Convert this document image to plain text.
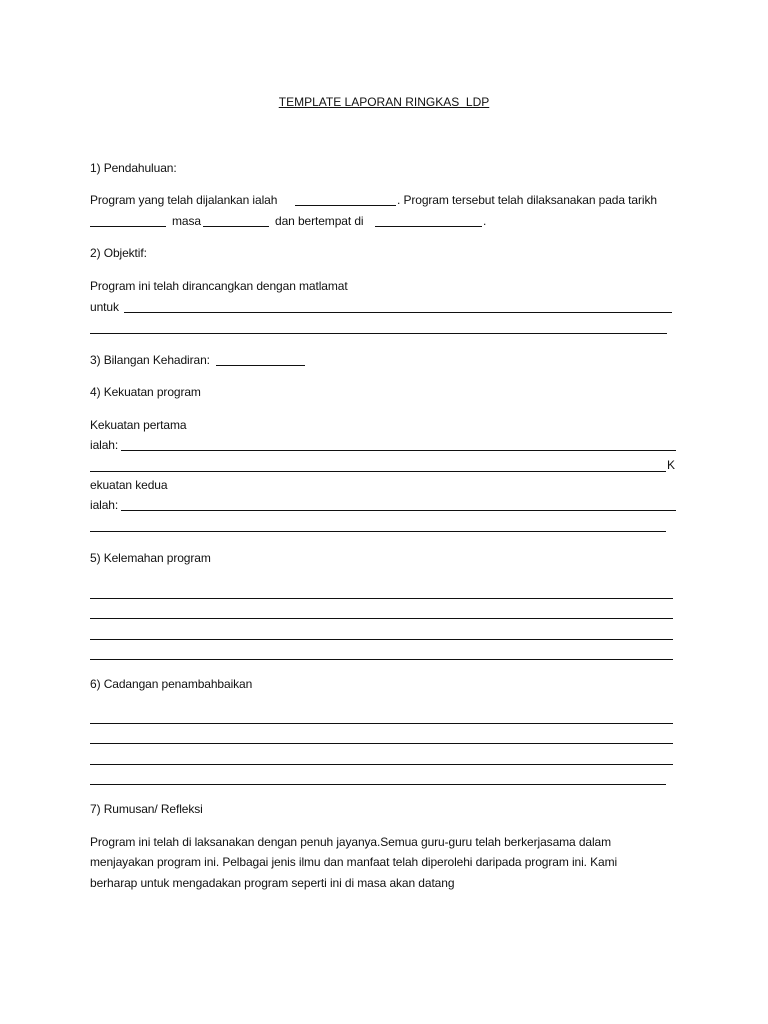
TEMPLATE LAPORAN RINGKAS  LDP
1) Pendahuluan:
Program yang telah dijalankan ialah	. Program tersebut telah dilaksanakan pada tarikh
masa	dan bertempat di	.
2) Objektif:
Program ini telah dirancangkan dengan matlamat
untuk
3) Bilangan Kehadiran:
4) Kekuatan program
Kekuatan pertama
ialah:
K
ekuatan kedua
ialah:
5) Kelemahan program
6) Cadangan penambahbaikan
7) Rumusan/ Refleksi
Program ini telah di laksanakan dengan penuh jayanya.Semua guru-guru telah berkerjasama dalam
menjayakan program ini. Pelbagai jenis ilmu dan manfaat telah diperolehi daripada program ini. Kami
berharap untuk mengadakan program seperti ini di masa akan datang
